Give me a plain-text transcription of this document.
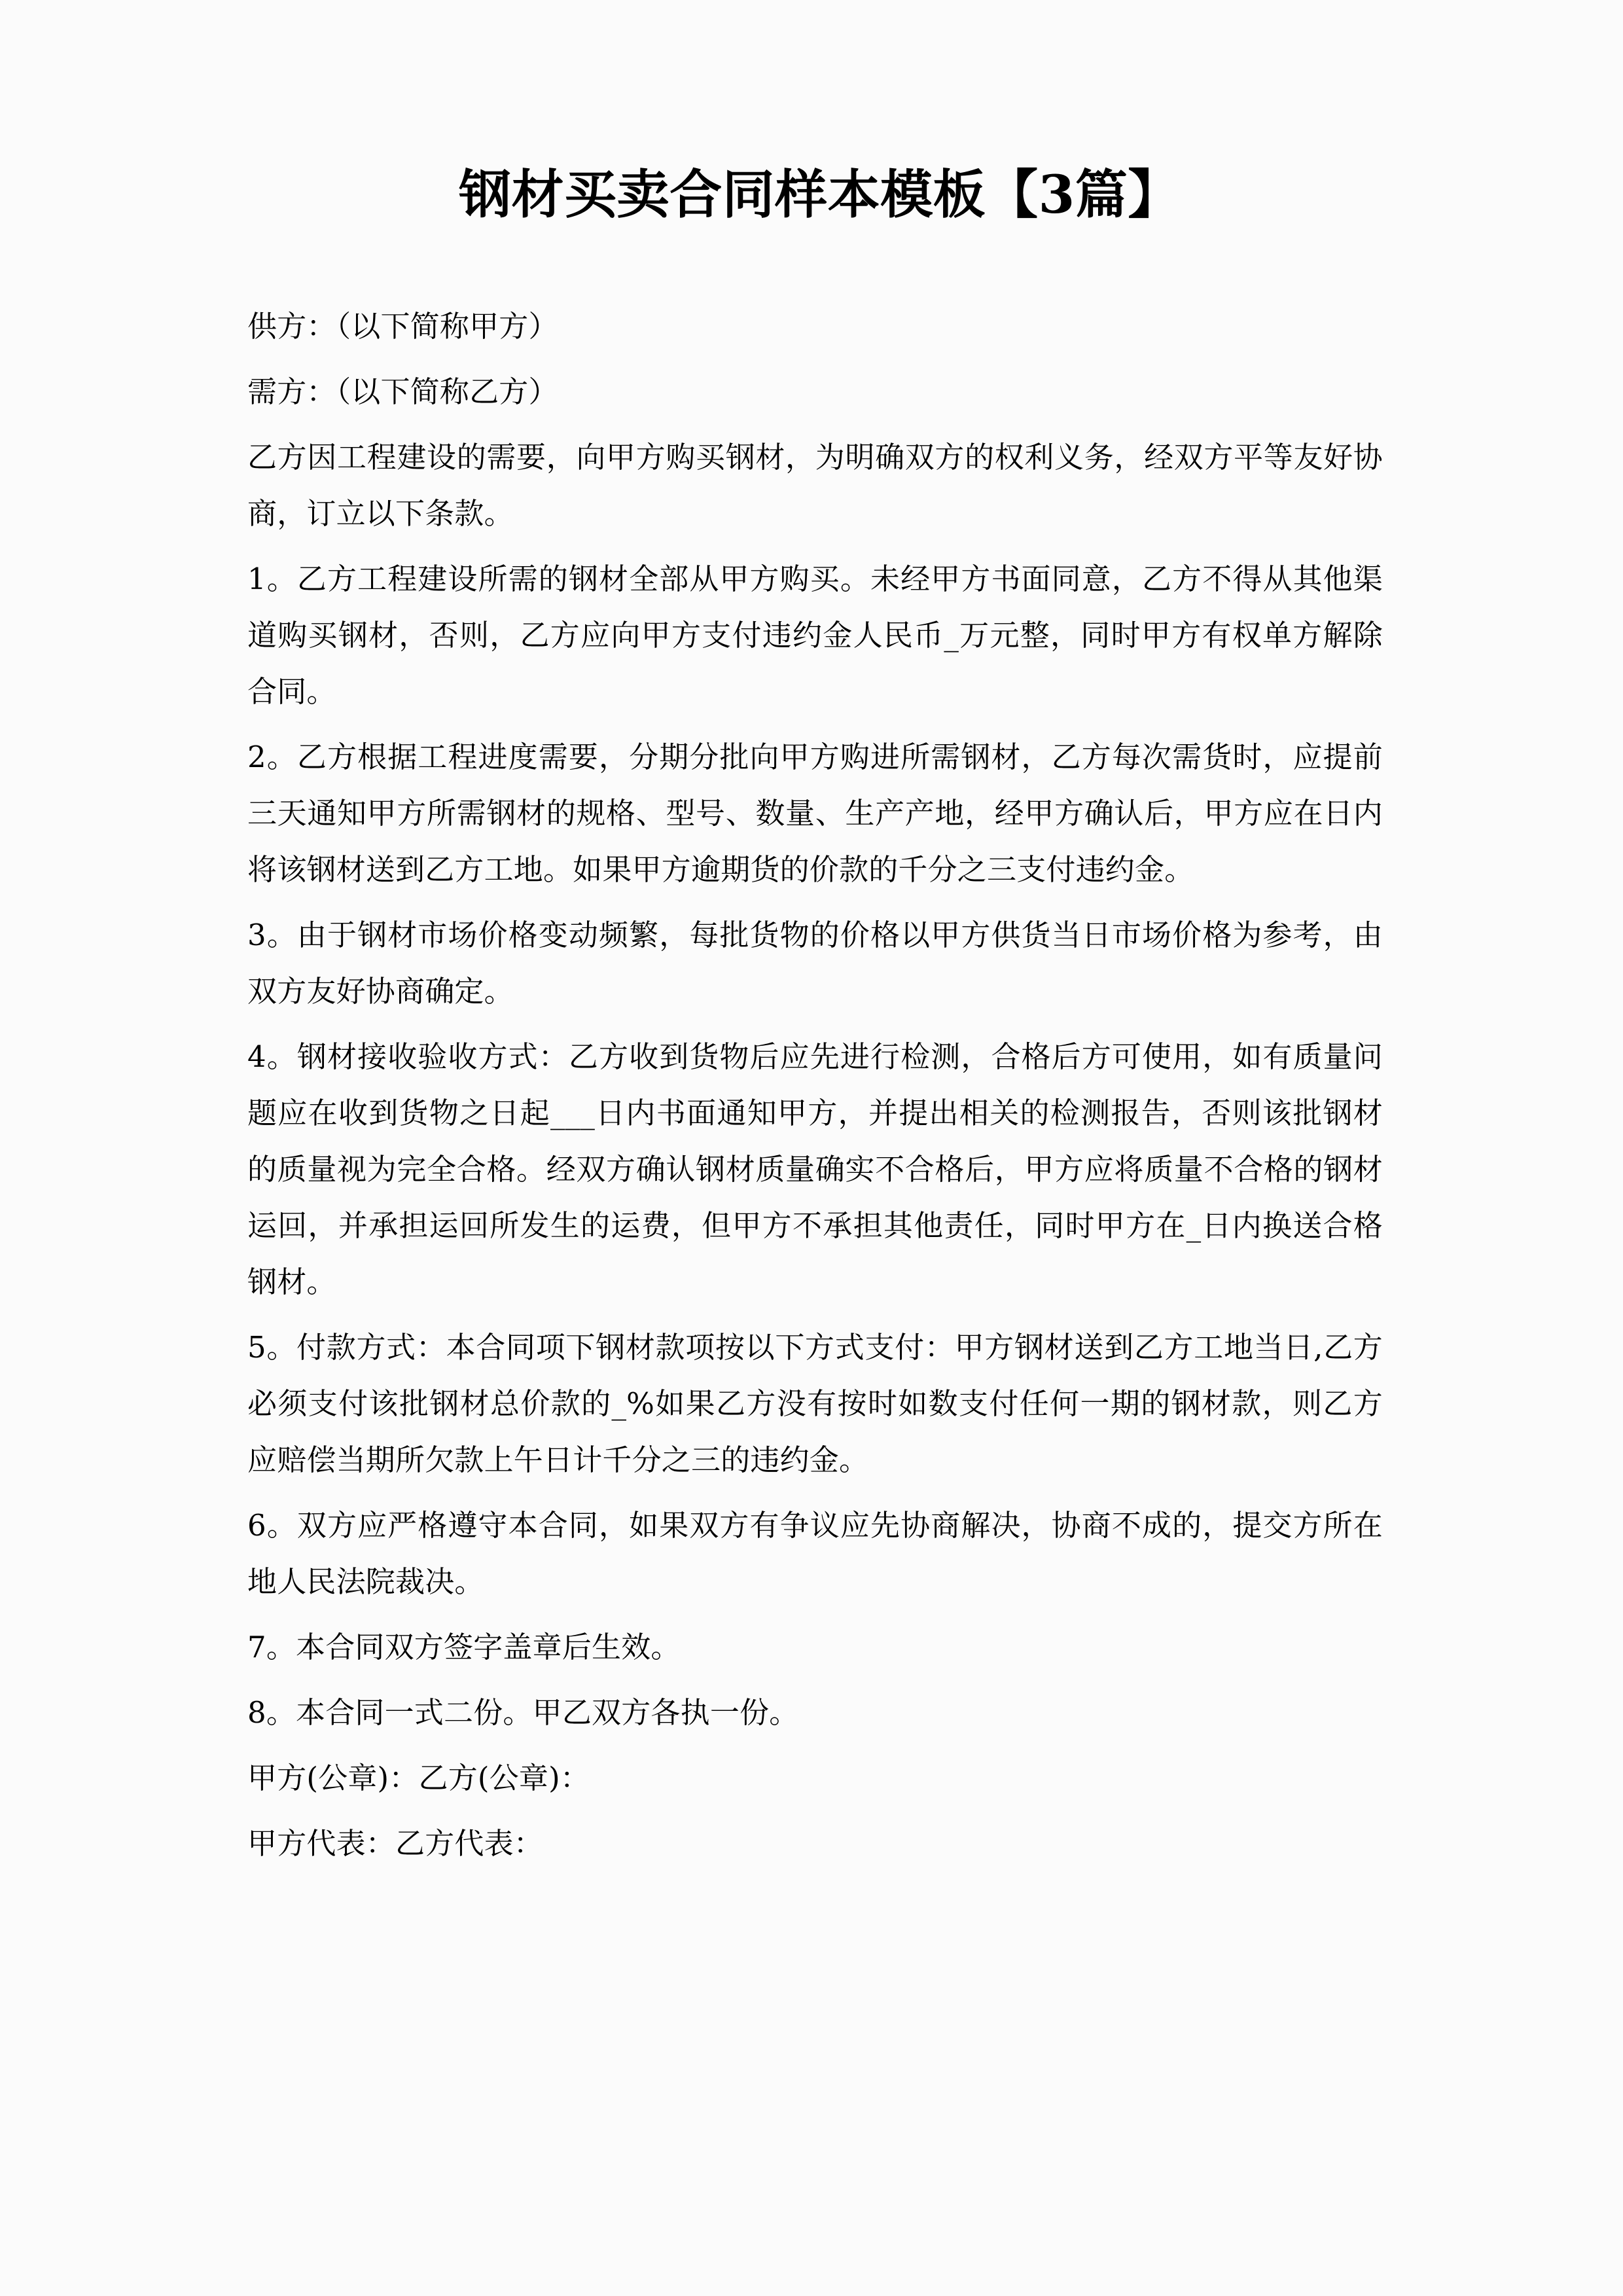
钢材买卖合同样本模板【3篇】

供方：（以下简称甲方）

需方：（以下简称乙方）

乙方因工程建设的需要，向甲方购买钢材，为明确双方的权利义务，经双方平等友好协商，订立以下条款。

1。乙方工程建设所需的钢材全部从甲方购买。未经甲方书面同意，乙方不得从其他渠道购买钢材，否则，乙方应向甲方支付违约金人民币_万元整，同时甲方有权单方解除合同。

2。乙方根据工程进度需要，分期分批向甲方购进所需钢材，乙方每次需货时，应提前三天通知甲方所需钢材的规格、型号、数量、生产产地，经甲方确认后，甲方应在日内将该钢材送到乙方工地。如果甲方逾期货的价款的千分之三支付违约金。

3。由于钢材市场价格变动频繁，每批货物的价格以甲方供货当日市场价格为参考，由双方友好协商确定。

4。钢材接收验收方式：乙方收到货物后应先进行检测，合格后方可使用，如有质量问题应在收到货物之日起___日内书面通知甲方，并提出相关的检测报告，否则该批钢材的质量视为完全合格。经双方确认钢材质量确实不合格后，甲方应将质量不合格的钢材运回，并承担运回所发生的运费，但甲方不承担其他责任，同时甲方在_日内换送合格钢材。

5。付款方式：本合同项下钢材款项按以下方式支付：甲方钢材送到乙方工地当日,乙方必须支付该批钢材总价款的_%如果乙方没有按时如数支付任何一期的钢材款，则乙方应赔偿当期所欠款上午日计千分之三的违约金。

6。双方应严格遵守本合同，如果双方有争议应先协商解决，协商不成的，提交方所在地人民法院裁决。

7。本合同双方签字盖章后生效。

8。本合同一式二份。甲乙双方各执一份。

甲方(公章)：乙方(公章)：

甲方代表：乙方代表：
